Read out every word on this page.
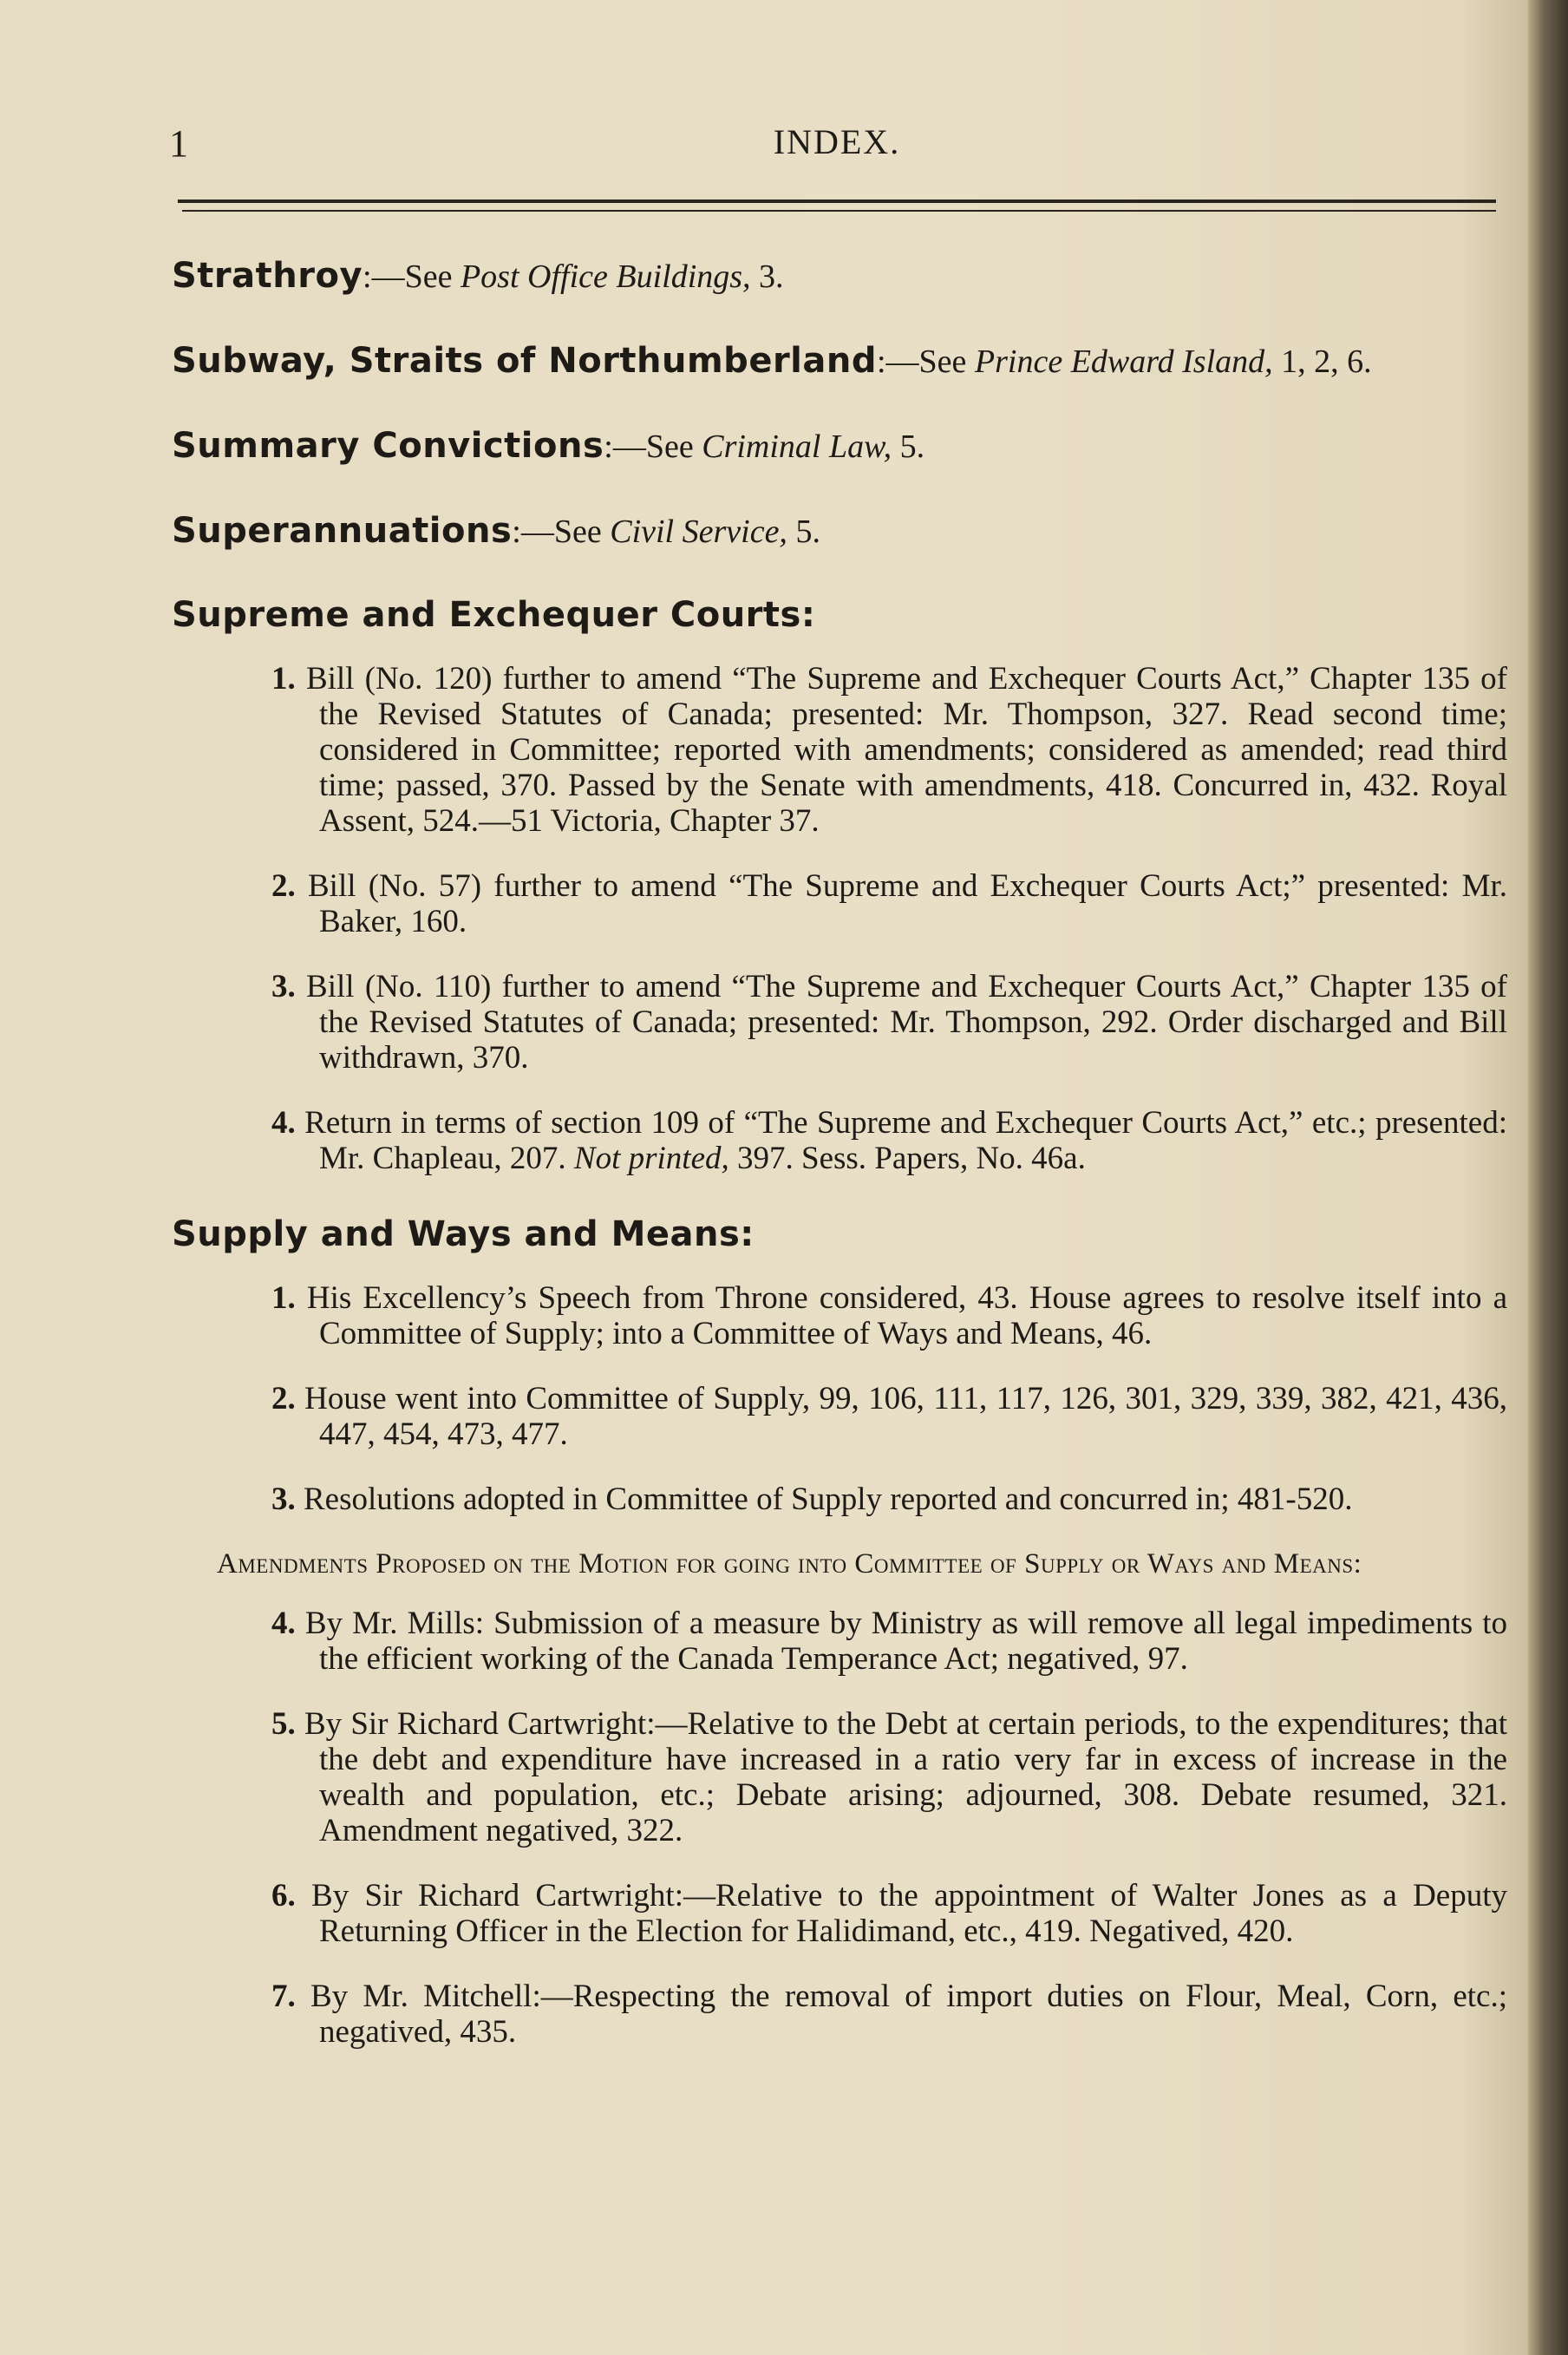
1	INDEX.
Strathroy:—See Post Office Buildings, 3.
Subway, Straits of Northumberland:—See Prince Edward Island, 1, 2, 6.
Summary Convictions:—See Criminal Law, 5.
Superannuations:—See Civil Service, 5.
Supreme and Exchequer Courts:
1. Bill (No. 120) further to amend “The Supreme and Exchequer Courts Act,” Chapter 135 of the Revised Statutes of Canada; presented: Mr. Thompson, 327. Read second time; considered in Committee; reported with amendments; considered as amended; read third time; passed, 370. Passed by the Senate with amendments, 418. Concurred in, 432. Royal Assent, 524.—51 Victoria, Chapter 37.
2. Bill (No. 57) further to amend “The Supreme and Exchequer Courts Act;” presented: Mr. Baker, 160.
3. Bill (No. 110) further to amend “The Supreme and Exchequer Courts Act,” Chapter 135 of the Revised Statutes of Canada; presented: Mr. Thompson, 292. Order discharged and Bill withdrawn, 370.
4. Return in terms of section 109 of “The Supreme and Exchequer Courts Act,” etc.; presented: Mr. Chapleau, 207. Not printed, 397. Sess. Papers, No. 46a.
Supply and Ways and Means:
1. His Excellency’s Speech from Throne considered, 43. House agrees to resolve itself into a Committee of Supply; into a Committee of Ways and Means, 46.
2. House went into Committee of Supply, 99, 106, 111, 117, 126, 301, 329, 339, 382, 421, 436, 447, 454, 473, 477.
3. Resolutions adopted in Committee of Supply reported and concurred in; 481-520.
Amendments Proposed on the Motion for going into Committee of Supply or Ways and Means:
4. By Mr. Mills: Submission of a measure by Ministry as will remove all legal impediments to the efficient working of the Canada Temperance Act; negatived, 97.
5. By Sir Richard Cartwright:—Relative to the Debt at certain periods, to the expenditures; that the debt and expenditure have increased in a ratio very far in excess of increase in the wealth and population, etc.; Debate arising; adjourned, 308. Debate resumed, 321. Amendment negatived, 322.
6. By Sir Richard Cartwright:—Relative to the appointment of Walter Jones as a Deputy Returning Officer in the Election for Halidimand, etc., 419. Negatived, 420.
7. By Mr. Mitchell:—Respecting the removal of import duties on Flour, Meal, Corn, etc.; negatived, 435.
